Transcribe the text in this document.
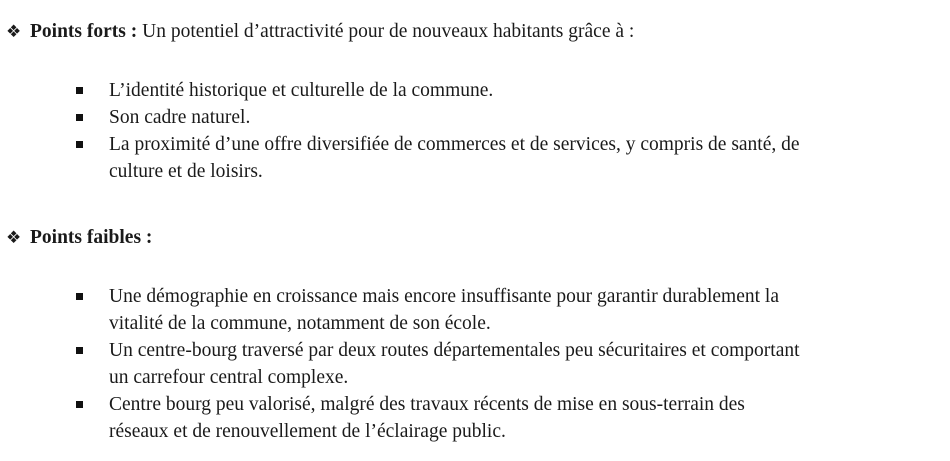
❖ Points forts : Un potentiel d’attractivité pour de nouveaux habitants grâce à :
L’identité historique et culturelle de la commune.
Son cadre naturel.
La proximité d’une offre diversifiée de commerces et de services, y compris de santé, de
culture et de loisirs.
❖ Points faibles :
Une démographie en croissance mais encore insuffisante pour garantir durablement la
vitalité de la commune, notamment de son école.
Un centre-bourg traversé par deux routes départementales peu sécuritaires et comportant
un carrefour central complexe.
Centre bourg peu valorisé, malgré des travaux récents de mise en sous-terrain des
réseaux et de renouvellement de l’éclairage public.
